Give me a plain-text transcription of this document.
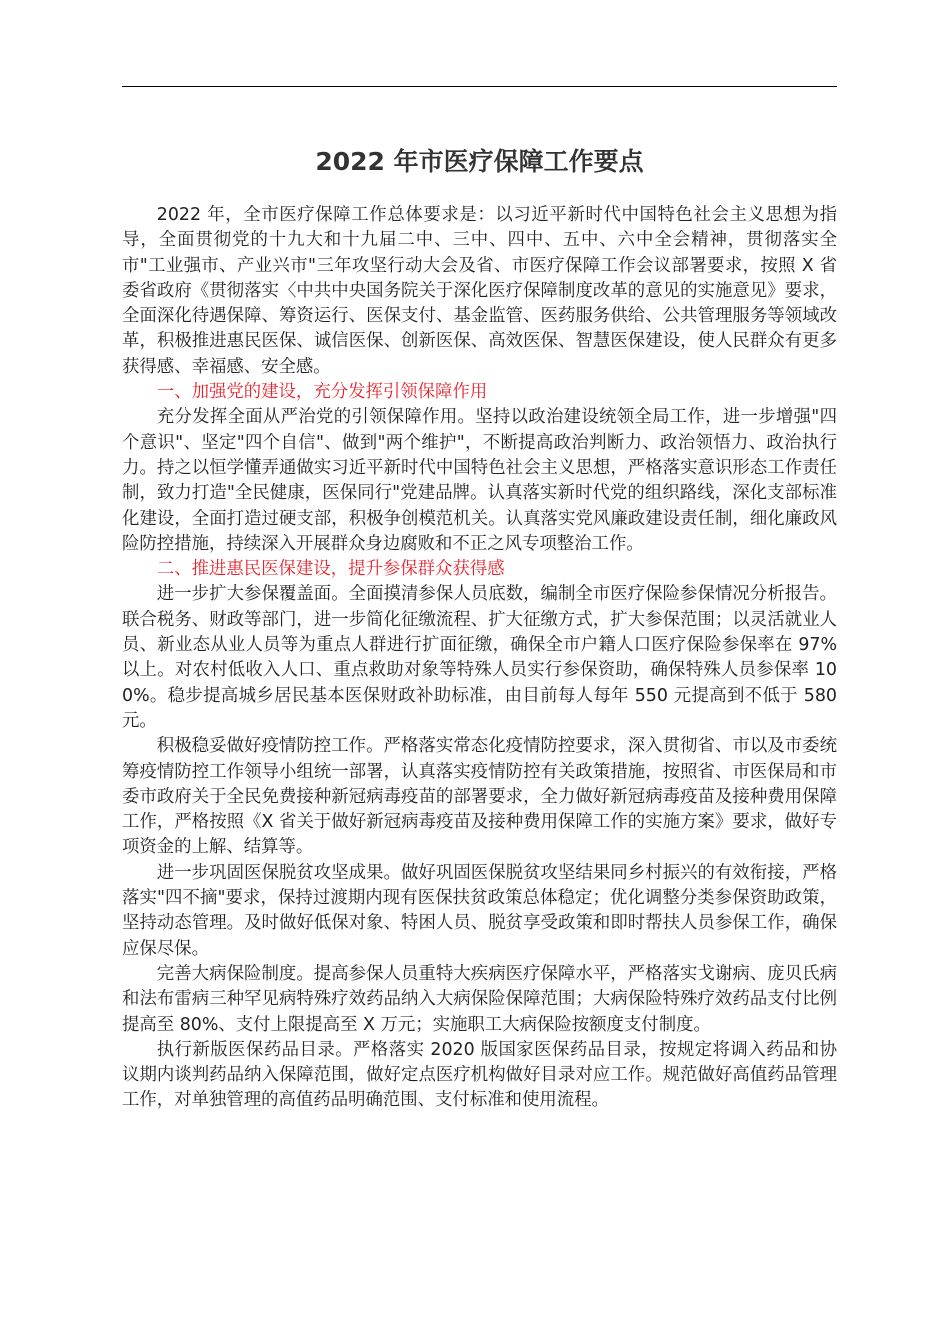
2022 年市医疗保障工作要点

2022 年，全市医疗保障工作总体要求是：以习近平新时代中国特色社会主义思想为指导，全面贯彻党的十九大和十九届二中、三中、四中、五中、六中全会精神，贯彻落实全市"工业强市、产业兴市"三年攻坚行动大会及省、市医疗保障工作会议部署要求，按照 X 省委省政府《贯彻落实〈中共中央国务院关于深化医疗保障制度改革的意见的实施意见》要求，全面深化待遇保障、筹资运行、医保支付、基金监管、医药服务供给、公共管理服务等领域改革，积极推进惠民医保、诚信医保、创新医保、高效医保、智慧医保建设，使人民群众有更多获得感、幸福感、安全感。

一、加强党的建设，充分发挥引领保障作用

充分发挥全面从严治党的引领保障作用。坚持以政治建设统领全局工作，进一步增强"四个意识"、坚定"四个自信"、做到"两个维护"，不断提高政治判断力、政治领悟力、政治执行力。持之以恒学懂弄通做实习近平新时代中国特色社会主义思想，严格落实意识形态工作责任制，致力打造"全民健康，医保同行"党建品牌。认真落实新时代党的组织路线，深化支部标准化建设，全面打造过硬支部，积极争创模范机关。认真落实党风廉政建设责任制，细化廉政风险防控措施，持续深入开展群众身边腐败和不正之风专项整治工作。

二、推进惠民医保建设，提升参保群众获得感

进一步扩大参保覆盖面。全面摸清参保人员底数，编制全市医疗保险参保情况分析报告。联合税务、财政等部门，进一步简化征缴流程、扩大征缴方式，扩大参保范围；以灵活就业人员、新业态从业人员等为重点人群进行扩面征缴，确保全市户籍人口医疗保险参保率在 97%以上。对农村低收入人口、重点救助对象等特殊人员实行参保资助，确保特殊人员参保率 100%。稳步提高城乡居民基本医保财政补助标准，由目前每人每年 550 元提高到不低于 580 元。

积极稳妥做好疫情防控工作。严格落实常态化疫情防控要求，深入贯彻省、市以及市委统筹疫情防控工作领导小组统一部署，认真落实疫情防控有关政策措施，按照省、市医保局和市委市政府关于全民免费接种新冠病毒疫苗的部署要求，全力做好新冠病毒疫苗及接种费用保障工作，严格按照《X 省关于做好新冠病毒疫苗及接种费用保障工作的实施方案》要求，做好专项资金的上解、结算等。

进一步巩固医保脱贫攻坚成果。做好巩固医保脱贫攻坚结果同乡村振兴的有效衔接，严格落实"四不摘"要求，保持过渡期内现有医保扶贫政策总体稳定；优化调整分类参保资助政策，坚持动态管理。及时做好低保对象、特困人员、脱贫享受政策和即时帮扶人员参保工作，确保应保尽保。

完善大病保险制度。提高参保人员重特大疾病医疗保障水平，严格落实戈谢病、庞贝氏病和法布雷病三种罕见病特殊疗效药品纳入大病保险保障范围；大病保险特殊疗效药品支付比例提高至 80%、支付上限提高至 X 万元；实施职工大病保险按额度支付制度。

执行新版医保药品目录。严格落实 2020 版国家医保药品目录，按规定将调入药品和协议期内谈判药品纳入保障范围，做好定点医疗机构做好目录对应工作。规范做好高值药品管理工作，对单独管理的高值药品明确范围、支付标准和使用流程。
